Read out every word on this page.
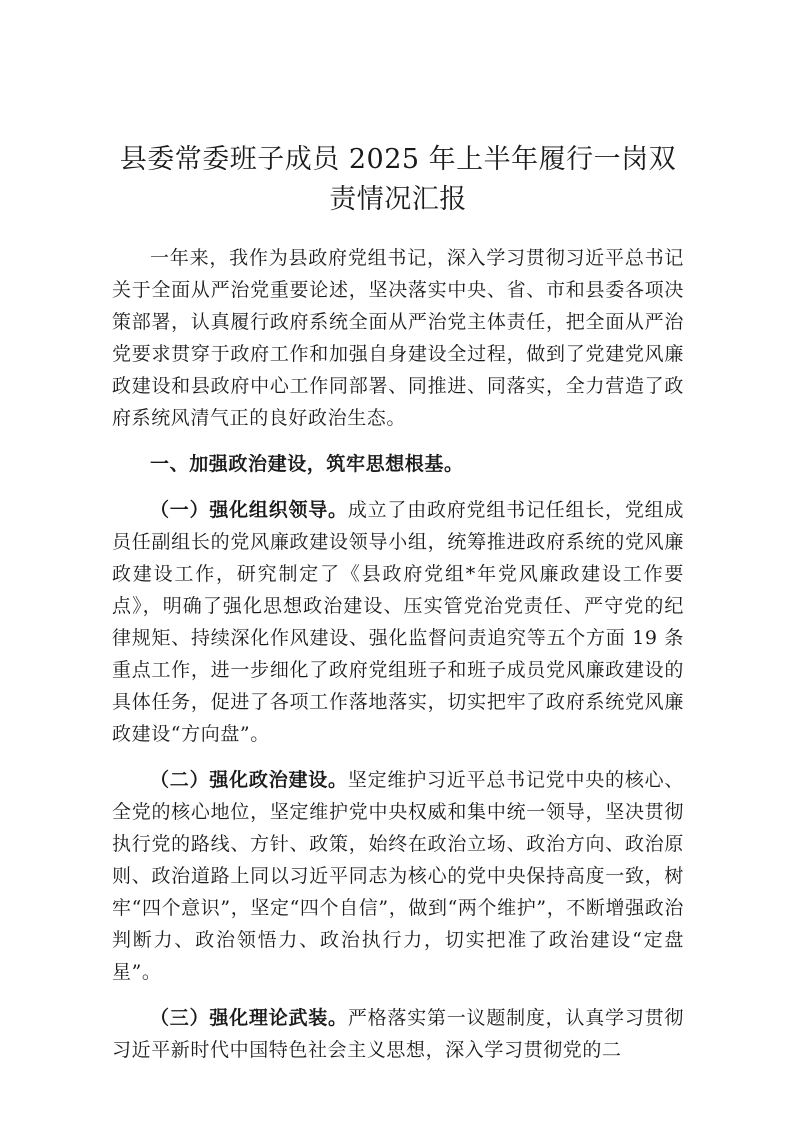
县委常委班子成员 2025 年上半年履行一岗双责情况汇报

一年来，我作为县政府党组书记，深入学习贯彻习近平总书记关于全面从严治党重要论述，坚决落实中央、省、市和县委各项决策部署，认真履行政府系统全面从严治党主体责任，把全面从严治党要求贯穿于政府工作和加强自身建设全过程，做到了党建党风廉政建设和县政府中心工作同部署、同推进、同落实，全力营造了政府系统风清气正的良好政治生态。

一、加强政治建设，筑牢思想根基。

（一）强化组织领导。成立了由政府党组书记任组长，党组成员任副组长的党风廉政建设领导小组，统筹推进政府系统的党风廉政建设工作，研究制定了《县政府党组*年党风廉政建设工作要点》，明确了强化思想政治建设、压实管党治党责任、严守党的纪律规矩、持续深化作风建设、强化监督问责追究等五个方面 19 条重点工作，进一步细化了政府党组班子和班子成员党风廉政建设的具体任务，促进了各项工作落地落实，切实把牢了政府系统党风廉政建设“方向盘”。

（二）强化政治建设。坚定维护习近平总书记党中央的核心、全党的核心地位，坚定维护党中央权威和集中统一领导，坚决贯彻执行党的路线、方针、政策，始终在政治立场、政治方向、政治原则、政治道路上同以习近平同志为核心的党中央保持高度一致，树牢“四个意识”，坚定“四个自信”，做到“两个维护”，不断增强政治判断力、政治领悟力、政治执行力，切实把准了政治建设“定盘星”。

（三）强化理论武装。严格落实第一议题制度，认真学习贯彻习近平新时代中国特色社会主义思想，深入学习贯彻党的二
